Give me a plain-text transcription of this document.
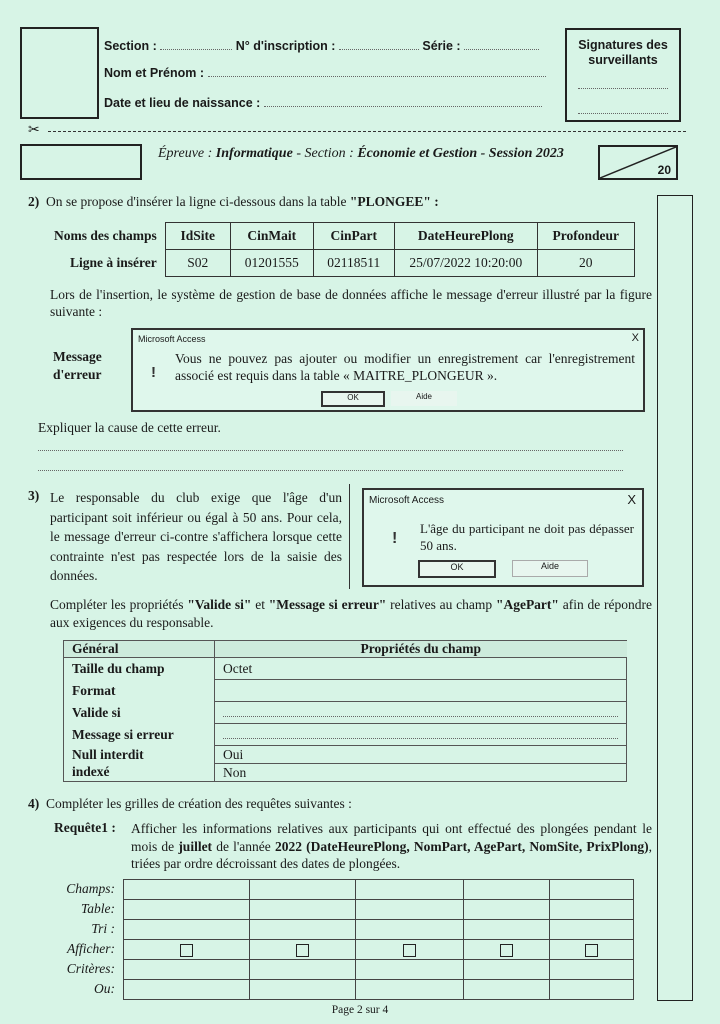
Section :	N° d'inscription :	Série :
Nom et Prénom :
Date et lieu de naissance :
Signatures des surveillants
✂
Épreuve : Informatique - Section : Économie et Gestion - Session 2023
20
2) On se propose d'insérer la ligne ci-dessous dans la table "PLONGEE" :
Noms des champs	IdSite	CinMait	CinPart	DateHeurePlong	Profondeur
Ligne à insérer	S02	01201555	02118511	25/07/2022 10:20:00	20
Lors de l'insertion, le système de gestion de base de données affiche le message d'erreur illustré par la figure suivante :
Message
d'erreur
Microsoft Access	X
!
Vous ne pouvez pas ajouter ou modifier un enregistrement car l'enregistrement associé est requis dans la table « MAITRE_PLONGEUR ».
OK	Aide
Expliquer la cause de cette erreur.
3) Le responsable du club exige que l'âge d'un participant soit inférieur ou égal à 50 ans. Pour cela, le message d'erreur ci-contre s'affichera lorsque cette contrainte n'est pas respectée lors de la saisie des données.
Microsoft Access	X
!
L'âge du participant ne doit pas dépasser 50 ans.
OK	Aide
Compléter les propriétés "Valide si" et "Message si erreur" relatives au champ "AgePart" afin de répondre aux exigences du responsable.
Général	Propriétés du champ
Taille du champ	Octet
Format	
Valide si	
Message si erreur	
Null interdit	Oui
indexé	Non
4) Compléter les grilles de création des requêtes suivantes :
Requête1 : Afficher les informations relatives aux participants qui ont effectué des plongées pendant le mois de juillet de l'année 2022 (DateHeurePlong, NomPart, AgePart, NomSite, PrixPlong), triées par ordre décroissant des dates de plongées.
Champs:
Table:
Tri :
Afficher:
Critères:
Ou:

Page 2 sur 4
